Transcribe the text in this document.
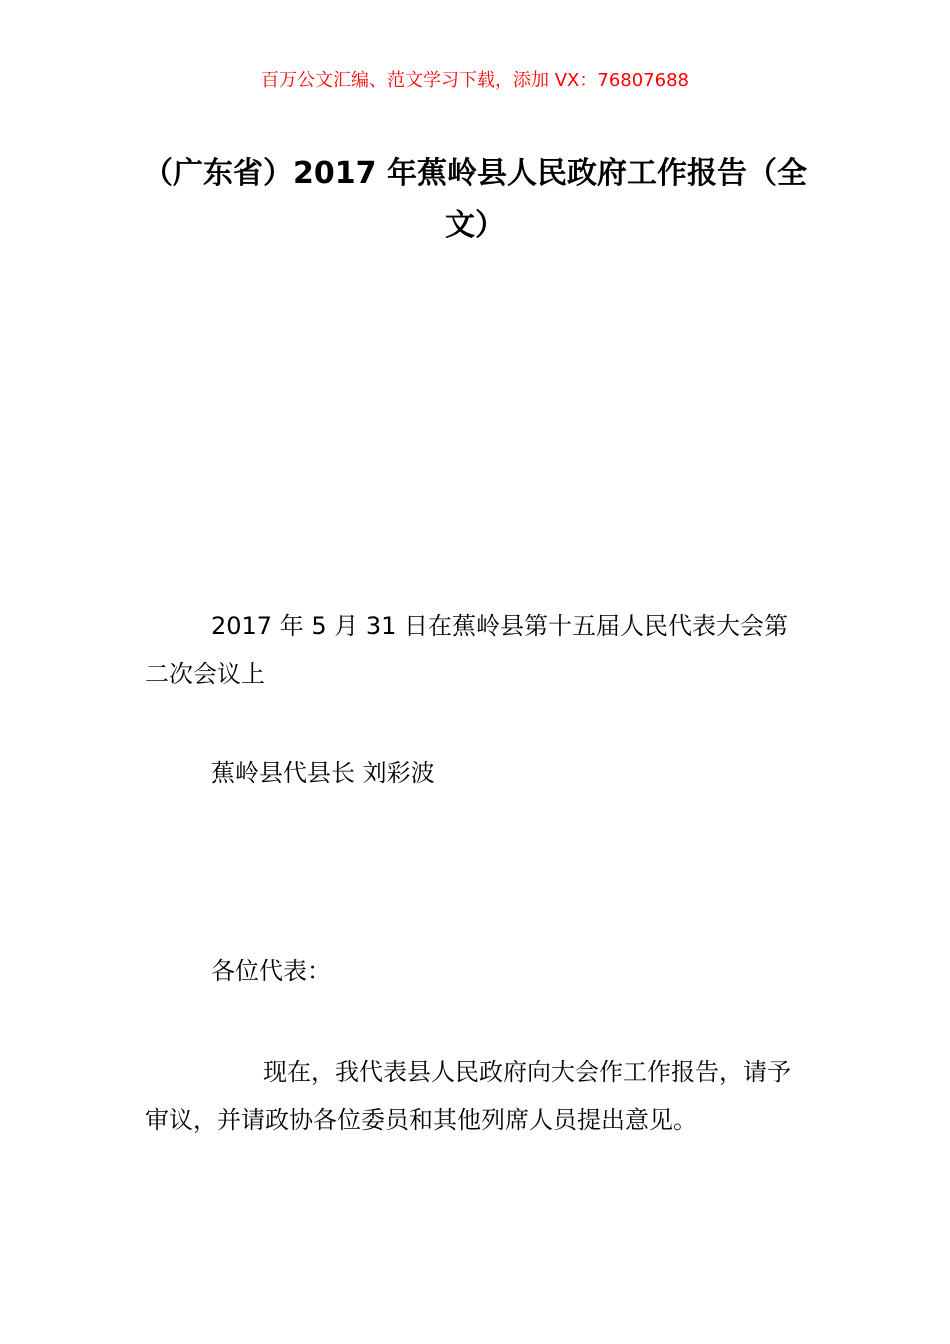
百万公文汇编、范文学习下载，添加 VX：76807688
（广东省）2017 年蕉岭县人民政府工作报告（全文）

2017 年 5 月 31 日在蕉岭县第十五届人民代表大会第二次会议上

蕉岭县代县长 刘彩波

各位代表：

现在，我代表县人民政府向大会作工作报告，请予审议，并请政协各位委员和其他列席人员提出意见。
